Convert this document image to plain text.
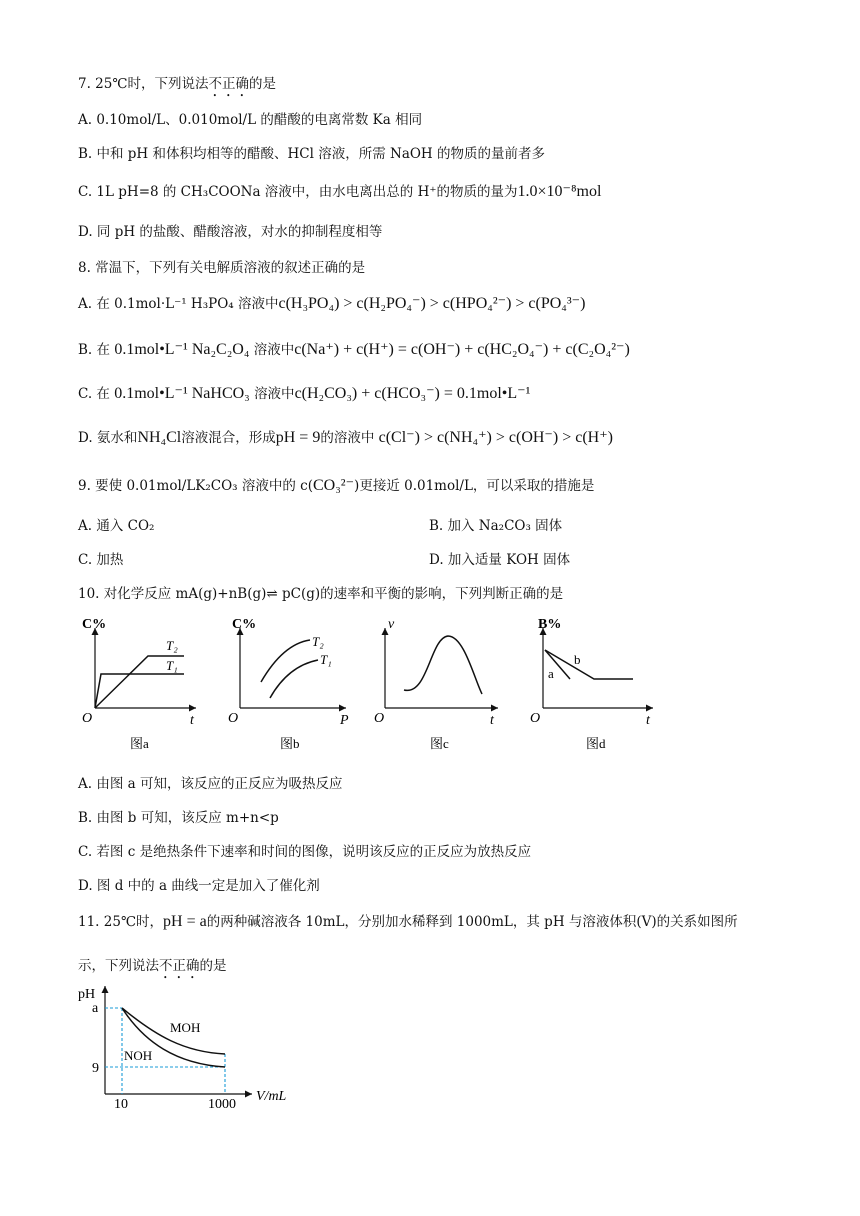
7. 25℃时，下列说法不正确的是
A. 0.10mol/L、0.010mol/L 的醋酸的电离常数 Ka 相同
B. 中和 pH 和体积均相等的醋酸、HCl 溶液，所需 NaOH 的物质的量前者多
C. 1L pH=8 的 CH₃COONa 溶液中，由水电离出总的 H⁺的物质的量为1.0×10⁻⁸mol
D. 同 pH 的盐酸、醋酸溶液，对水的抑制程度相等
8. 常温下，下列有关电解质溶液的叙述正确的是
A. 在 0.1mol·L⁻¹ H₃PO₄ 溶液中c(H₃PO₄) > c(H₂PO₄⁻) > c(HPO₄²⁻) > c(PO₄³⁻)
B. 在 0.1mol•L⁻¹ Na₂C₂O₄ 溶液中c(Na⁺) + c(H⁺) = c(OH⁻) + c(HC₂O₄⁻) + c(C₂O₄²⁻)
C. 在 0.1mol•L⁻¹ NaHCO₃ 溶液中c(H₂CO₃) + c(HCO₃⁻) = 0.1mol•L⁻¹
D. 氨水和NH₄Cl溶液混合，形成pH = 9的溶液中 c(Cl⁻) > c(NH₄⁺) > c(OH⁻) > c(H⁺)
9. 要使 0.01mol/LK₂CO₃ 溶液中的 c(CO₃²⁻)更接近 0.01mol/L，可以采取的措施是
A. 通入 CO₂	B. 加入 Na₂CO₃ 固体
C. 加热	D. 加入适量 KOH 固体
10. 对化学反应 mA(g)+nB(g)⇌ pC(g)的速率和平衡的影响，下列判断正确的是
C%
t
O
T₂
T₁
图a
C%
P
O
T₂
T₁
图b
v
t
O
图c
B%
t
O
b
a
图d
A. 由图 a 可知，该反应的正反应为吸热反应
B. 由图 b 可知，该反应 m+n<p
C. 若图 c 是绝热条件下速率和时间的图像，说明该反应的正反应为放热反应
D. 图 d 中的 a 曲线一定是加入了催化剂
11. 25℃时，pH = a的两种碱溶液各 10mL，分别加水稀释到 1000mL，其 pH 与溶液体积(V)的关系如图所
示，下列说法不正确的是
pH
V/mL
a
9
10	1000
MOH
NOH
